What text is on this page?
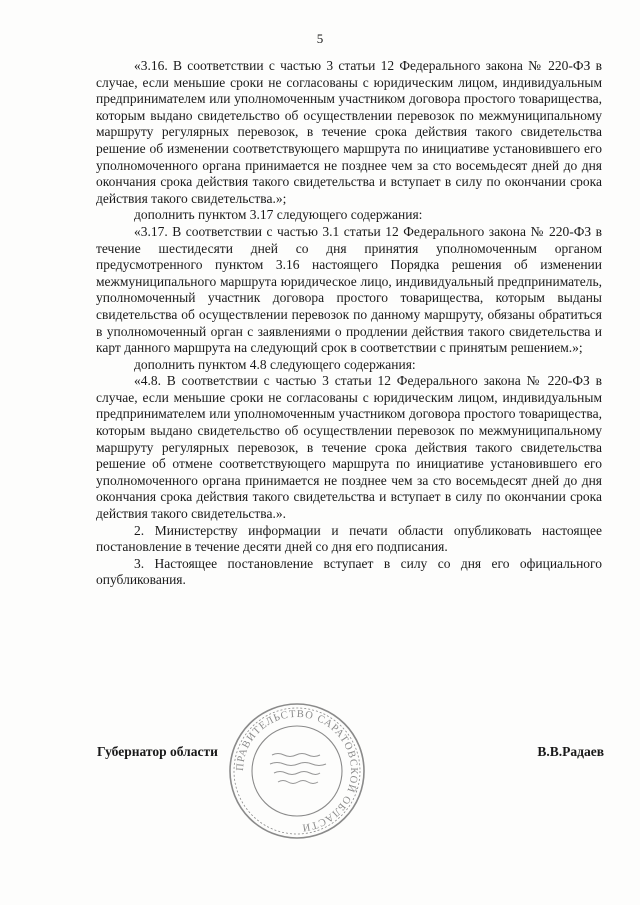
5

«3.16. В соответствии с частью 3 статьи 12 Федерального закона № 220-ФЗ в случае, если меньшие сроки не согласованы с юридическим лицом, индивидуальным предпринимателем или уполномоченным участником договора простого товарищества, которым выдано свидетельство об осуществлении перевозок по межмуниципальному маршруту регулярных перевозок, в течение срока действия такого свидетельства решение об изменении соответствующего маршрута по инициативе установившего его уполномоченного органа принимается не позднее чем за сто восемьдесят дней до дня окончания срока действия такого свидетельства и вступает в силу по окончании срока действия такого свидетельства.»;

дополнить пунктом 3.17 следующего содержания:

«3.17. В соответствии с частью 3.1 статьи 12 Федерального закона № 220-ФЗ в течение шестидесяти дней со дня принятия уполномоченным органом предусмотренного пунктом 3.16 настоящего Порядка решения об изменении межмуниципального маршрута юридическое лицо, индивидуальный предприниматель, уполномоченный участник договора простого товарищества, которым выданы свидетельства об осуществлении перевозок по данному маршруту, обязаны обратиться в уполномоченный орган с заявлениями о продлении действия такого свидетельства и карт данного маршрута на следующий срок в соответствии с принятым решением.»;

дополнить пунктом 4.8 следующего содержания:

«4.8. В соответствии с частью 3 статьи 12 Федерального закона № 220-ФЗ в случае, если меньшие сроки не согласованы с юридическим лицом, индивидуальным предпринимателем или уполномоченным участником договора простого товарищества, которым выдано свидетельство об осуществлении перевозок по межмуниципальному маршруту регулярных перевозок, в течение срока действия такого свидетельства решение об отмене соответствующего маршрута по инициативе установившего его уполномоченного органа принимается не позднее чем за сто восемьдесят дней до дня окончания срока действия такого свидетельства и вступает в силу по окончании срока действия такого свидетельства.».

2. Министерству информации и печати области опубликовать настоящее постановление в течение десяти дней со дня его подписания.

3. Настоящее постановление вступает в силу со дня его официального опубликования.

Губернатор области	В.В.Радаев
ПРАВИТЕЛЬСТВО САРАТОВСКОЙ ОБЛАСТИ
